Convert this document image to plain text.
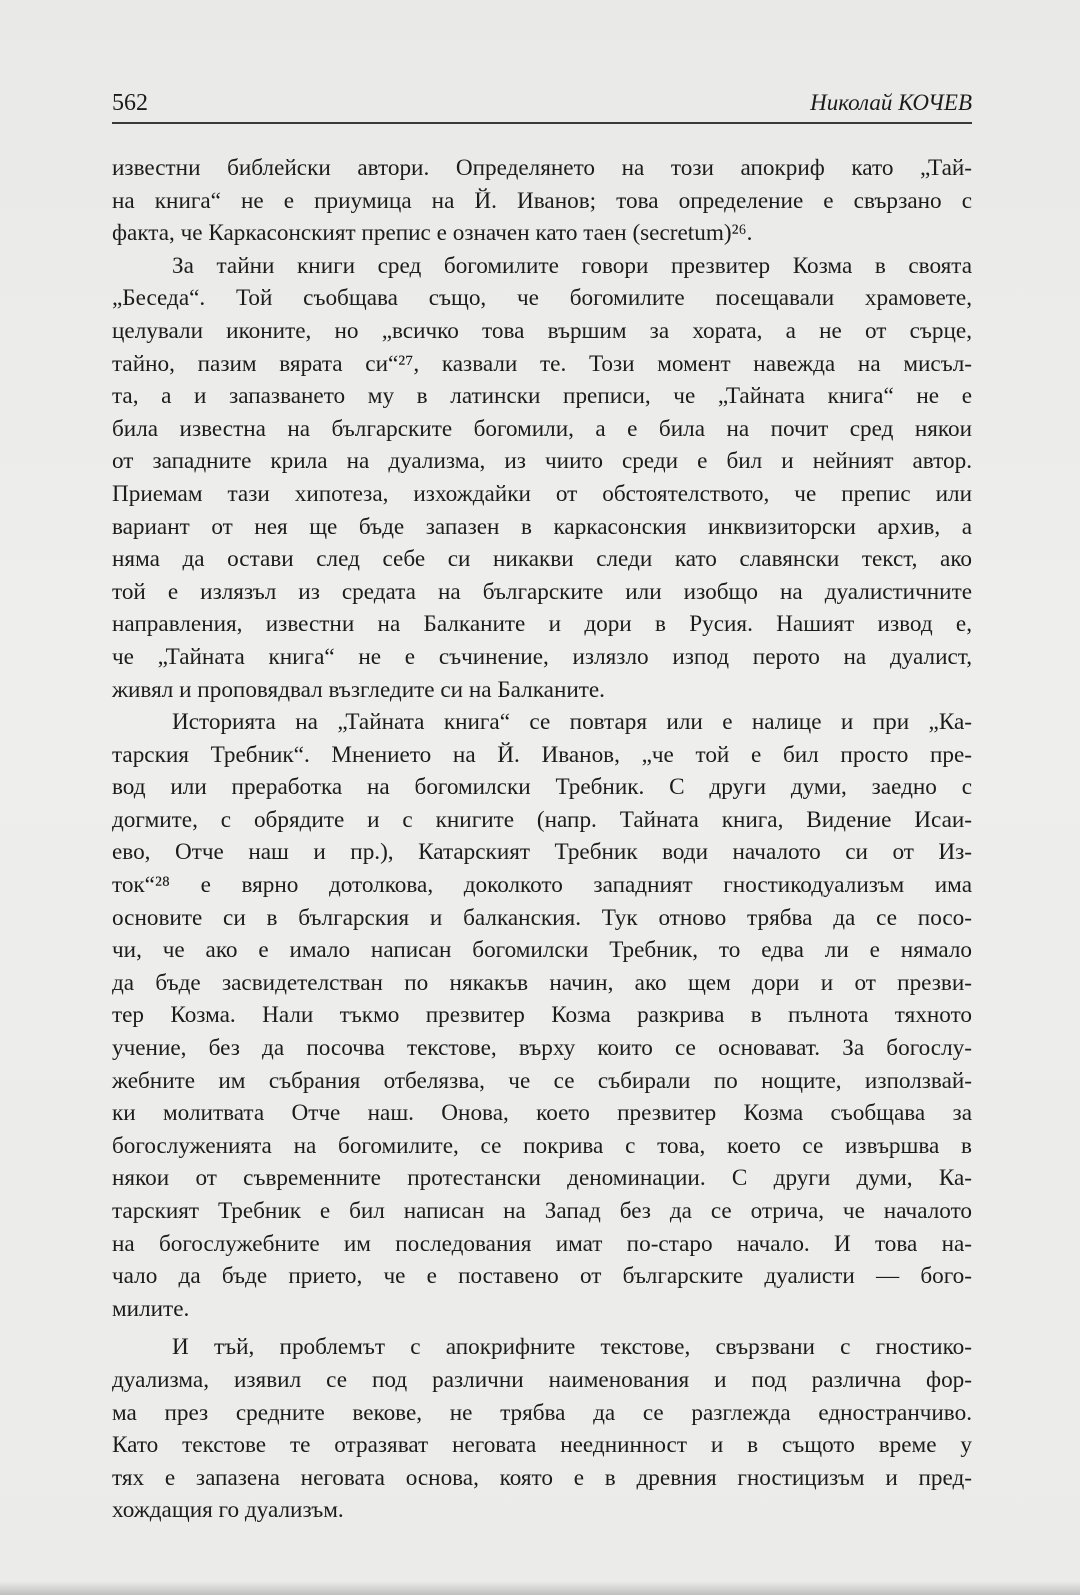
562	Николай КОЧЕВ
известни библейски автори. Определянето на този апокриф като „Тай-
на книга“ не е приумица на Й. Иванов; това определение е свързано с
факта, че Каркасонският препис е означен като таен (secretum)²⁶.
За тайни книги сред богомилите говори презвитер Козма в своята
„Беседа“. Той съобщава също, че богомилите посещавали храмовете,
целували иконите, но „всичко това вършим за хората, а не от сърце,
тайно, пазим вярата си“²⁷, казвали те. Този момент навежда на мисъл-
та, а и запазването му в латински преписи, че „Тайната книга“ не е
била известна на българските богомили, а е била на почит сред някои
от западните крила на дуализма, из чиито среди е бил и нейният автор.
Приемам тази хипотеза, изхождайки от обстоятелството, че препис или
вариант от нея ще бъде запазен в каркасонския инквизиторски архив, а
няма да остави след себе си никакви следи като славянски текст, ако
той е излязъл из средата на българските или изобщо на дуалистичните
направления, известни на Балканите и дори в Русия. Нашият извод е,
че „Тайната книга“ не е съчинение, излязло изпод перото на дуалист,
живял и проповядвал възгледите си на Балканите.
Историята на „Тайната книга“ се повтаря или е налице и при „Ка-
тарския Требник“. Мнението на Й. Иванов, „че той е бил просто пре-
вод или преработка на богомилски Требник. С други думи, заедно с
догмите, с обрядите и с книгите (напр. Тайната книга, Видение Исаи-
ево, Отче наш и пр.), Катарският Требник води началото си от Из-
ток“²⁸ е вярно дотолкова, доколкото западният гностикодуализъм има
основите си в българския и балканския. Тук отново трябва да се посо-
чи, че ако е имало написан богомилски Требник, то едва ли е нямало
да бъде засвидетелстван по някакъв начин, ако щем дори и от презви-
тер Козма. Нали тъкмо презвитер Козма разкрива в пълнота тяхното
учение, без да посочва текстове, върху които се основават. За богослу-
жебните им събрания отбелязва, че се събирали по нощите, използвай-
ки молитвата Отче наш. Онова, което презвитер Козма съобщава за
богослуженията на богомилите, се покрива с това, което се извършва в
някои от съвременните протестански деноминации. С други думи, Ка-
тарският Требник е бил написан на Запад без да се отрича, че началото
на богослужебните им последования имат по-старо начало. И това на-
чало да бъде прието, че е поставено от българските дуалисти — бого-
милите.
И тъй, проблемът с апокрифните текстове, свързвани с гностико-
дуализма, изявил се под различни наименования и под различна фор-
ма през средните векове, не трябва да се разглежда едностранчиво.
Като текстове те отразяват неговата нееднинност и в същото време у
тях е запазена неговата основа, която е в древния гностицизъм и пред-
хождащия го дуализъм.
